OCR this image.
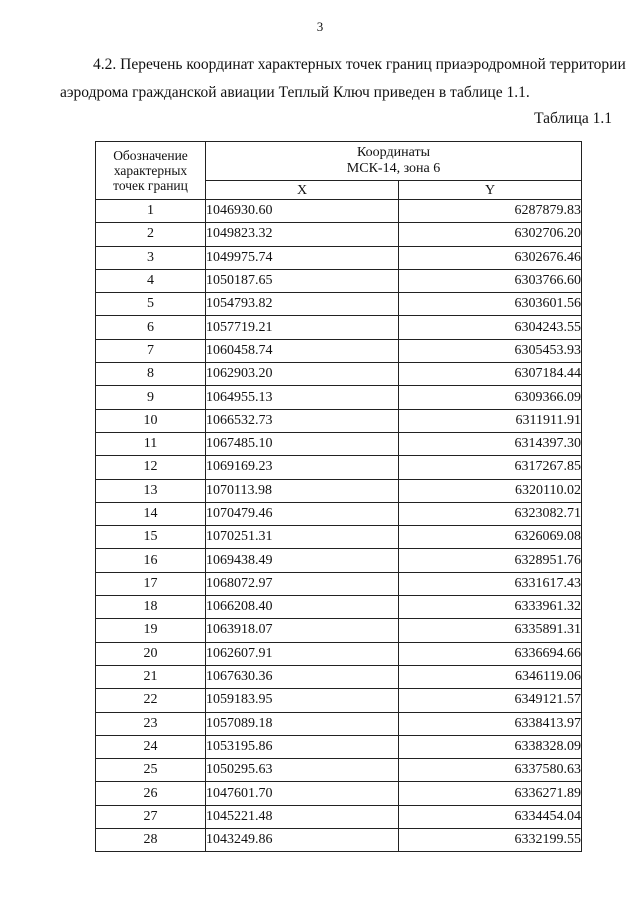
3
4.2. Перечень координат характерных точек границ приаэродромной территории
аэродрома гражданской авиации Теплый Ключ приведен в таблице 1.1.
Таблица 1.1
Обозначение
характерных
точек границ	Координаты
МСК-14, зона 6	

	X	Y
1	1046930.60	6287879.83
2	1049823.32	6302706.20
3	1049975.74	6302676.46
4	1050187.65	6303766.60
5	1054793.82	6303601.56
6	1057719.21	6304243.55
7	1060458.74	6305453.93
8	1062903.20	6307184.44
9	1064955.13	6309366.09
10	1066532.73	6311911.91
11	1067485.10	6314397.30
12	1069169.23	6317267.85
13	1070113.98	6320110.02
14	1070479.46	6323082.71
15	1070251.31	6326069.08
16	1069438.49	6328951.76
17	1068072.97	6331617.43
18	1066208.40	6333961.32
19	1063918.07	6335891.31
20	1062607.91	6336694.66
21	1067630.36	6346119.06
22	1059183.95	6349121.57
23	1057089.18	6338413.97
24	1053195.86	6338328.09
25	1050295.63	6337580.63
26	1047601.70	6336271.89
27	1045221.48	6334454.04
28	1043249.86	6332199.55
